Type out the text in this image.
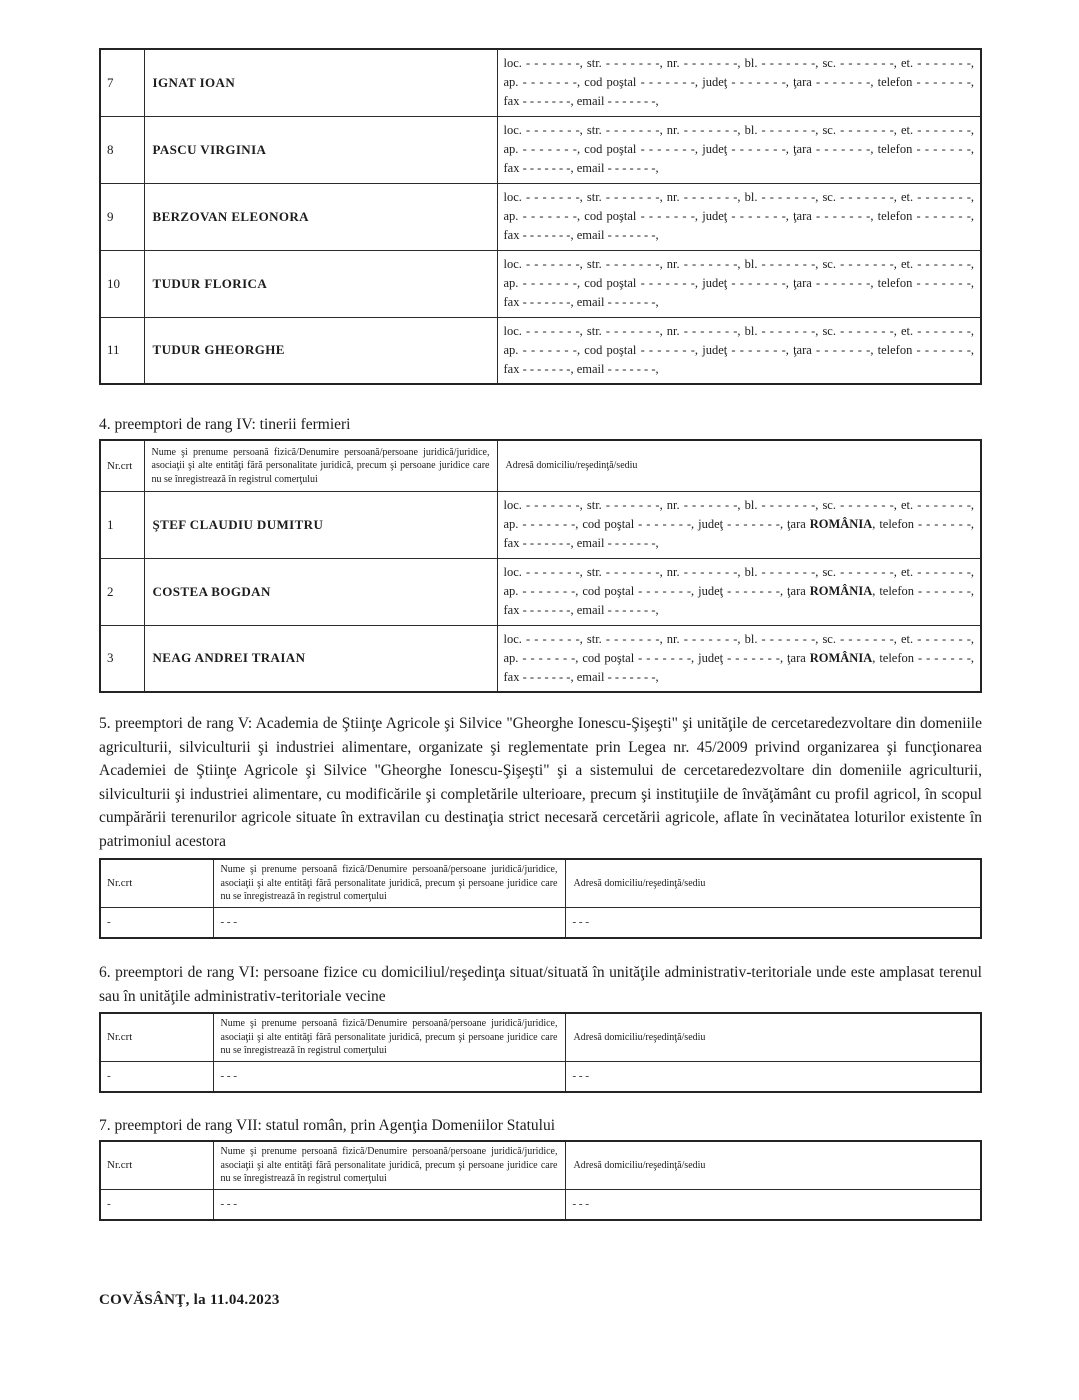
7	IGNAT IOAN	loc. - - - - - - -, str. - - - - - - -, nr. - - - - - - -, bl. - - - - - - -, sc. - - - - - - -, et. - - - - - - -,
ap. - - - - - - -, cod poştal - - - - - - -, judeţ - - - - - - -, ţara - - - - - - -, telefon - - - - - - -,
fax - - - - - - -, email - - - - - - -,

8	PASCU VIRGINIA	loc. - - - - - - -, str. - - - - - - -, nr. - - - - - - -, bl. - - - - - - -, sc. - - - - - - -, et. - - - - - - -,
ap. - - - - - - -, cod poştal - - - - - - -, judeţ - - - - - - -, ţara - - - - - - -, telefon - - - - - - -,
fax - - - - - - -, email - - - - - - -,

9	BERZOVAN ELEONORA	loc. - - - - - - -, str. - - - - - - -, nr. - - - - - - -, bl. - - - - - - -, sc. - - - - - - -, et. - - - - - - -,
ap. - - - - - - -, cod poştal - - - - - - -, judeţ - - - - - - -, ţara - - - - - - -, telefon - - - - - - -,
fax - - - - - - -, email - - - - - - -,

10	TUDUR FLORICA	loc. - - - - - - -, str. - - - - - - -, nr. - - - - - - -, bl. - - - - - - -, sc. - - - - - - -, et. - - - - - - -,
ap. - - - - - - -, cod poştal - - - - - - -, judeţ - - - - - - -, ţara - - - - - - -, telefon - - - - - - -,
fax - - - - - - -, email - - - - - - -,

11	TUDUR GHEORGHE	loc. - - - - - - -, str. - - - - - - -, nr. - - - - - - -, bl. - - - - - - -, sc. - - - - - - -, et. - - - - - - -,
ap. - - - - - - -, cod poştal - - - - - - -, judeţ - - - - - - -, ţara - - - - - - -, telefon - - - - - - -,
fax - - - - - - -, email - - - - - - -,
4. preemptori de rang IV: tinerii fermieri
Nr.crt	Nume şi prenume persoană fizică/Denumire persoană/persoane juridică/juridice, asociaţii şi alte entităţi fără personalitate juridică, precum şi persoane juridice care nu se înregistrează în registrul comerţului	Adresă domiciliu/reşedinţă/sediu
1	ŞTEF CLAUDIU DUMITRU	loc. - - - - - - -, str. - - - - - - -, nr. - - - - - - -, bl. - - - - - - -, sc. - - - - - - -, et. - - - - - - -,
ap. - - - - - - -, cod poştal - - - - - - -, judeţ - - - - - - -, ţara ROMÂNIA, telefon - - - - - - -,
fax - - - - - - -, email - - - - - - -,

2	COSTEA BOGDAN	loc. - - - - - - -, str. - - - - - - -, nr. - - - - - - -, bl. - - - - - - -, sc. - - - - - - -, et. - - - - - - -,
ap. - - - - - - -, cod poştal - - - - - - -, judeţ - - - - - - -, ţara ROMÂNIA, telefon - - - - - - -,
fax - - - - - - -, email - - - - - - -,

3	NEAG ANDREI TRAIAN	loc. - - - - - - -, str. - - - - - - -, nr. - - - - - - -, bl. - - - - - - -, sc. - - - - - - -, et. - - - - - - -,
ap. - - - - - - -, cod poştal - - - - - - -, judeţ - - - - - - -, ţara ROMÂNIA, telefon - - - - - - -,
fax - - - - - - -, email - - - - - - -,

5. preemptori de rang V: Academia de Ştiinţe Agricole şi Silvice "Gheorghe Ionescu-Şişeşti" şi unităţile de cercetaredezvoltare din domeniile agriculturii, silviculturii şi industriei alimentare, organizate şi reglementate prin Legea nr. 45/2009 privind organizarea şi funcţionarea Academiei de Ştiinţe Agricole şi Silvice "Gheorghe Ionescu-Şişeşti" şi a sistemului de cercetaredezvoltare din domeniile agriculturii, silviculturii şi industriei alimentare, cu modificările şi completările ulterioare, precum şi instituţiile de învăţământ cu profil agricol, în scopul cumpărării terenurilor agricole situate în extravilan cu destinaţia strict necesară cercetării agricole, aflate în vecinătatea loturilor existente în patrimoniul acestora

Nr.crt	Nume şi prenume persoană fizică/Denumire persoană/persoane juridică/juridice, asociaţii şi alte entităţi fără personalitate juridică, precum şi persoane juridice care nu se înregistrează în registrul comerţului	Adresă domiciliu/reşedinţă/sediu
-	- - -	- - -

6. preemptori de rang VI: persoane fizice cu domiciliul/reşedinţa situat/situată în unităţile administrativ-teritoriale unde este amplasat terenul sau în unităţile administrativ-teritoriale vecine

Nr.crt	Nume şi prenume persoană fizică/Denumire persoană/persoane juridică/juridice, asociaţii şi alte entităţi fără personalitate juridică, precum şi persoane juridice care nu se înregistrează în registrul comerţului	Adresă domiciliu/reşedinţă/sediu
-	- - -	- - -
7. preemptori de rang VII: statul român, prin Agenţia Domeniilor Statului
Nr.crt	Nume şi prenume persoană fizică/Denumire persoană/persoane juridică/juridice, asociaţii şi alte entităţi fără personalitate juridică, precum şi persoane juridice care nu se înregistrează în registrul comerţului	Adresă domiciliu/reşedinţă/sediu
-	- - -	- - -
COVĂSÂNŢ, la 11.04.2023
